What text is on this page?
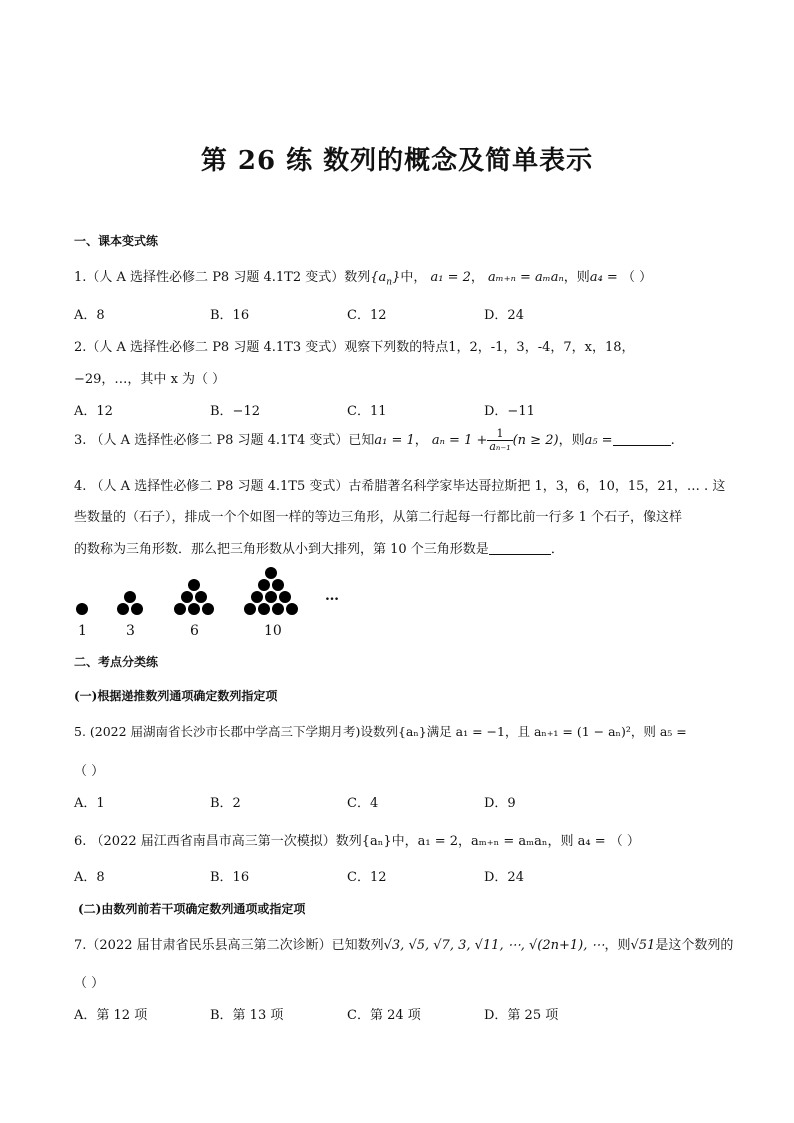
第 26 练 数列的概念及简单表示
一、课本变式练
1.（人 A 选择性必修二 P8 习题 4.1T2 变式）数列$\{a_n\}$中， a₁ = 2， aₘ₊ₙ = aₘaₙ，则a₄ = （ ）
A．8	B．16	C．12	D．24
2.（人 A 选择性必修二 P8 习题 4.1T3 变式）观察下列数的特点1，2，-1，3，-4，7，x，18，
−29，…，其中 x 为（ ）
A．12	B．−12	C．11	D．−11
3. （人 A 选择性必修二 P8 习题 4.1T4 变式）已知a₁ = 1， $a_n = 1 + \frac{1}{\text{aₙ₋₁}} (n \ge 2)$，则a₅ =	.
4. （人 A 选择性必修二 P8 习题 4.1T5 变式）古希腊著名科学家毕达哥拉斯把 1，3，6，10，15，21，… . 这
些数量的（石子），排成一个个如图一样的等边三角形，从第二行起每一行都比前一行多 1 个石子，像这样
的数称为三角形数．那么把三角形数从小到大排列，第 10 个三角形数是	．
…
1	3	6	10
二、考点分类练
(一)根据递推数列通项确定数列指定项
5. (2022 届湖南省长沙市长郡中学高三下学期月考)设数列{aₙ}满足 a₁ = −1，且 aₙ₊₁ = (1 − aₙ)²，则 a₅ =
（ ）
A．1	B．2	C．4	D．9
6. （2022 届江西省南昌市高三第一次模拟）数列{aₙ}中，a₁ = 2，aₘ₊ₙ = aₘaₙ，则 a₄ = （ ）
A．8	B．16	C．12	D．24
(二)由数列前若干项确定数列通项或指定项
7.（2022 届甘肃省民乐县高三第二次诊断）已知数列√3, √5, √7, 3, √11, ⋯, √(2n+1), ⋯，则√51是这个数列的
（ ）
A．第 12 项	B．第 13 项	C．第 24 项	D．第 25 项
